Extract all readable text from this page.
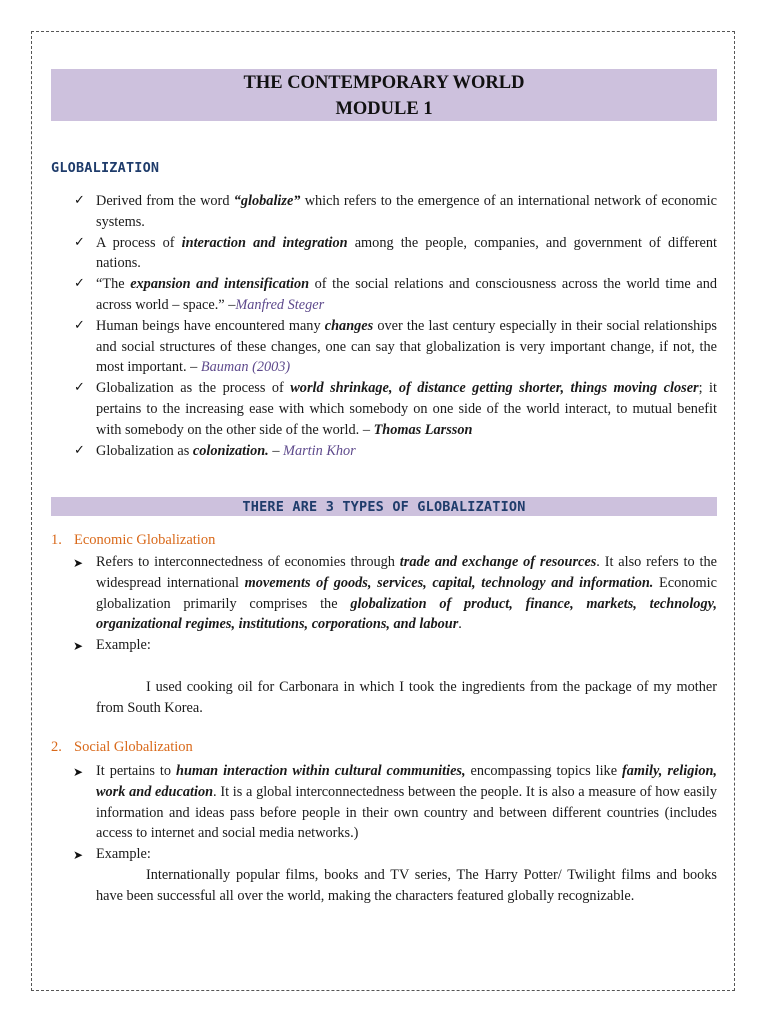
THE CONTEMPORARY WORLD
MODULE 1
GLOBALIZATION
✓ Derived from the word “globalize” which refers to the emergence of an international network of economic systems.
✓ A process of interaction and integration among the people, companies, and government of different nations.
✓ “The expansion and intensification of the social relations and consciousness across the world time and across world – space.” –Manfred Steger
✓ Human beings have encountered many changes over the last century especially in their social relationships and social structures of these changes, one can say that globalization is very important change, if not, the most important. – Bauman (2003)
✓ Globalization as the process of world shrinkage, of distance getting shorter, things moving closer; it pertains to the increasing ease with which somebody on one side of the world interact, to mutual benefit with somebody on the other side of the world. – Thomas Larsson
✓ Globalization as colonization. – Martin Khor
THERE ARE 3 TYPES OF GLOBALIZATION
1. Economic Globalization
➤ Refers to interconnectedness of economies through trade and exchange of resources. It also refers to the widespread international movements of goods, services, capital, technology and information. Economic globalization primarily comprises the globalization of product, finance, markets, technology, organizational regimes, institutions, corporations, and labour.
➤ Example:
I used cooking oil for Carbonara in which I took the ingredients from the package of my mother from South Korea.
2. Social Globalization
➤ It pertains to human interaction within cultural communities, encompassing topics like family, religion, work and education. It is a global interconnectedness between the people. It is also a measure of how easily information and ideas pass before people in their own country and between different countries (includes access to internet and social media networks.)
➤ Example:
Internationally popular films, books and TV series, The Harry Potter/ Twilight films and books have been successful all over the world, making the characters featured globally recognizable.
